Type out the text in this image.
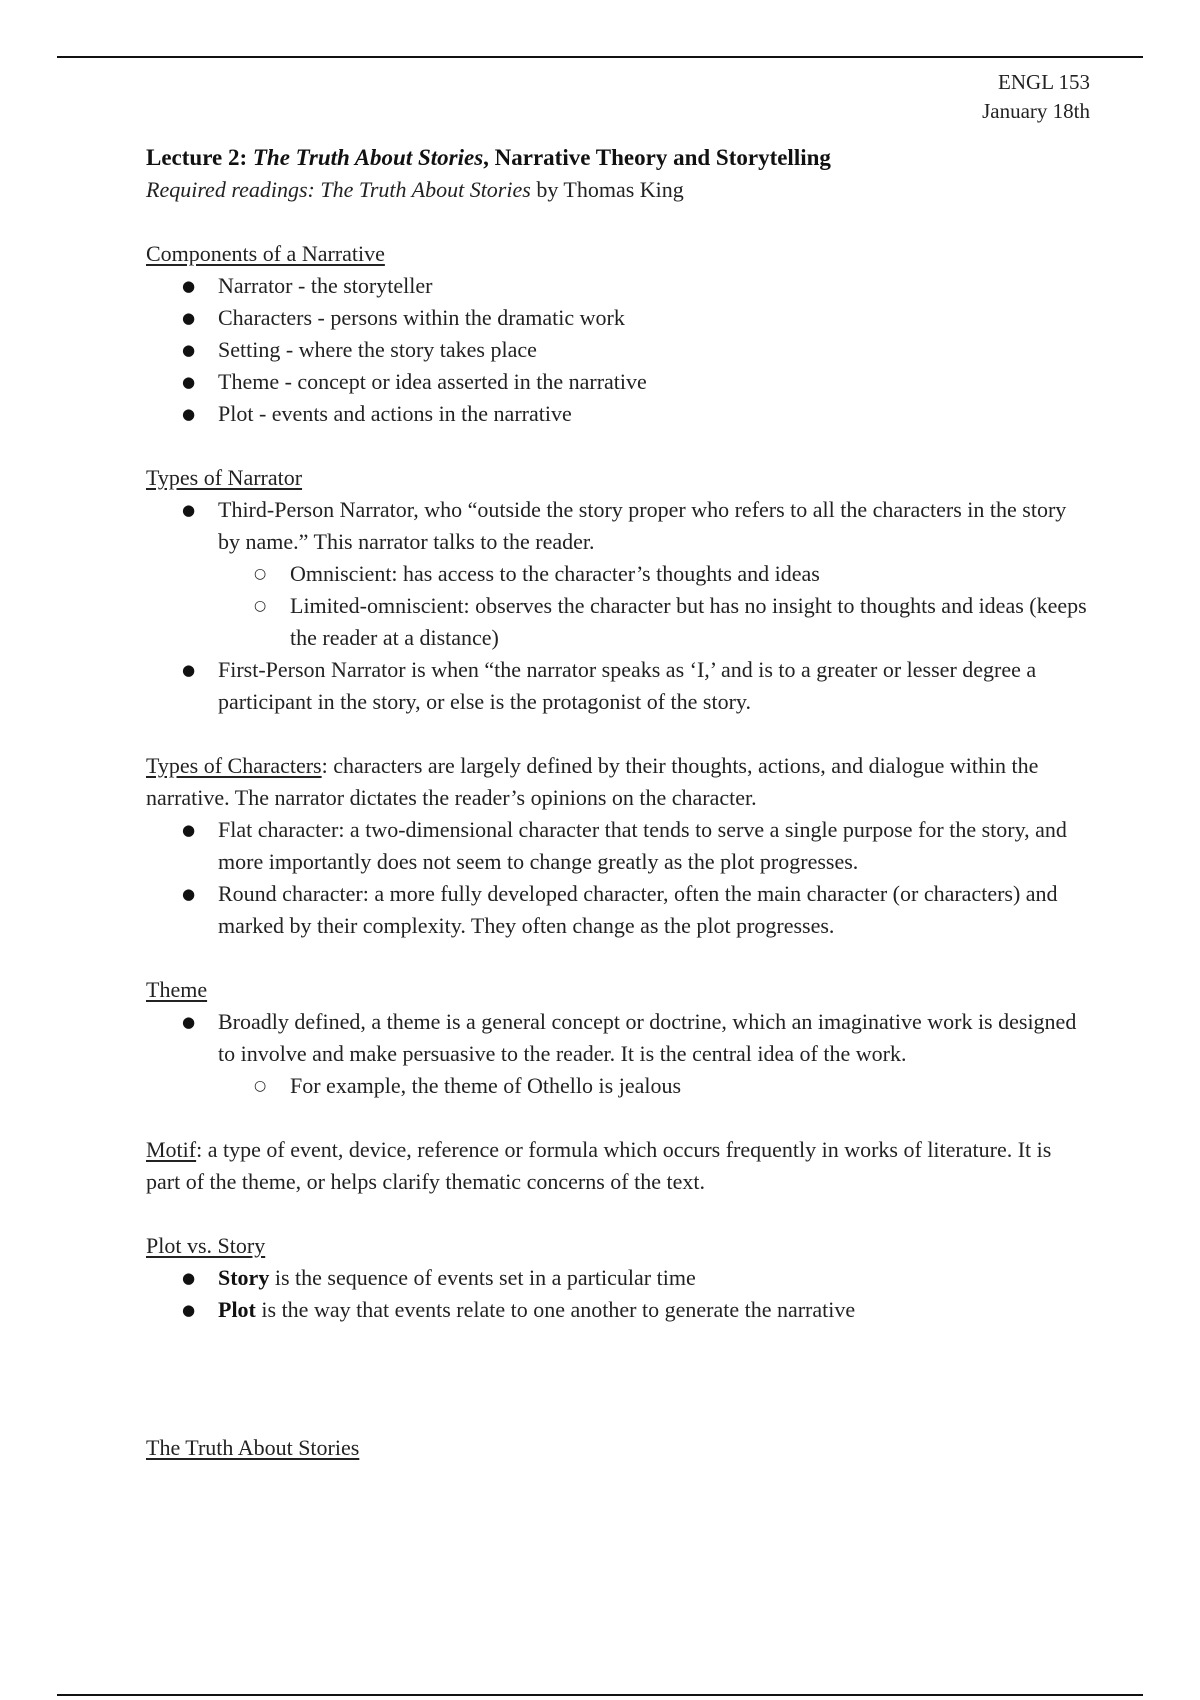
ENGL 153
January 18th
Lecture 2: The Truth About Stories, Narrative Theory and Storytelling
Required readings: The Truth About Stories by Thomas King
Components of a Narrative
● Narrator - the storyteller
● Characters - persons within the dramatic work
● Setting - where the story takes place
● Theme - concept or idea asserted in the narrative
● Plot - events and actions in the narrative
Types of Narrator
● Third-Person Narrator, who “outside the story proper who refers to all the characters in the story by name.” This narrator talks to the reader.
○ Omniscient: has access to the character’s thoughts and ideas
○ Limited-omniscient: observes the character but has no insight to thoughts and ideas (keeps the reader at a distance)
● First-Person Narrator is when “the narrator speaks as ‘I,’ and is to a greater or lesser degree a participant in the story, or else is the protagonist of the story.
Types of Characters: characters are largely defined by their thoughts, actions, and dialogue within the narrative. The narrator dictates the reader’s opinions on the character.
● Flat character: a two-dimensional character that tends to serve a single purpose for the story, and more importantly does not seem to change greatly as the plot progresses.
● Round character: a more fully developed character, often the main character (or characters) and marked by their complexity. They often change as the plot progresses.
Theme
● Broadly defined, a theme is a general concept or doctrine, which an imaginative work is designed to involve and make persuasive to the reader. It is the central idea of the work.
○ For example, the theme of Othello is jealous
Motif: a type of event, device, reference or formula which occurs frequently in works of literature. It is part of the theme, or helps clarify thematic concerns of the text.
Plot vs. Story
● Story is the sequence of events set in a particular time
● Plot is the way that events relate to one another to generate the narrative
The Truth About Stories
